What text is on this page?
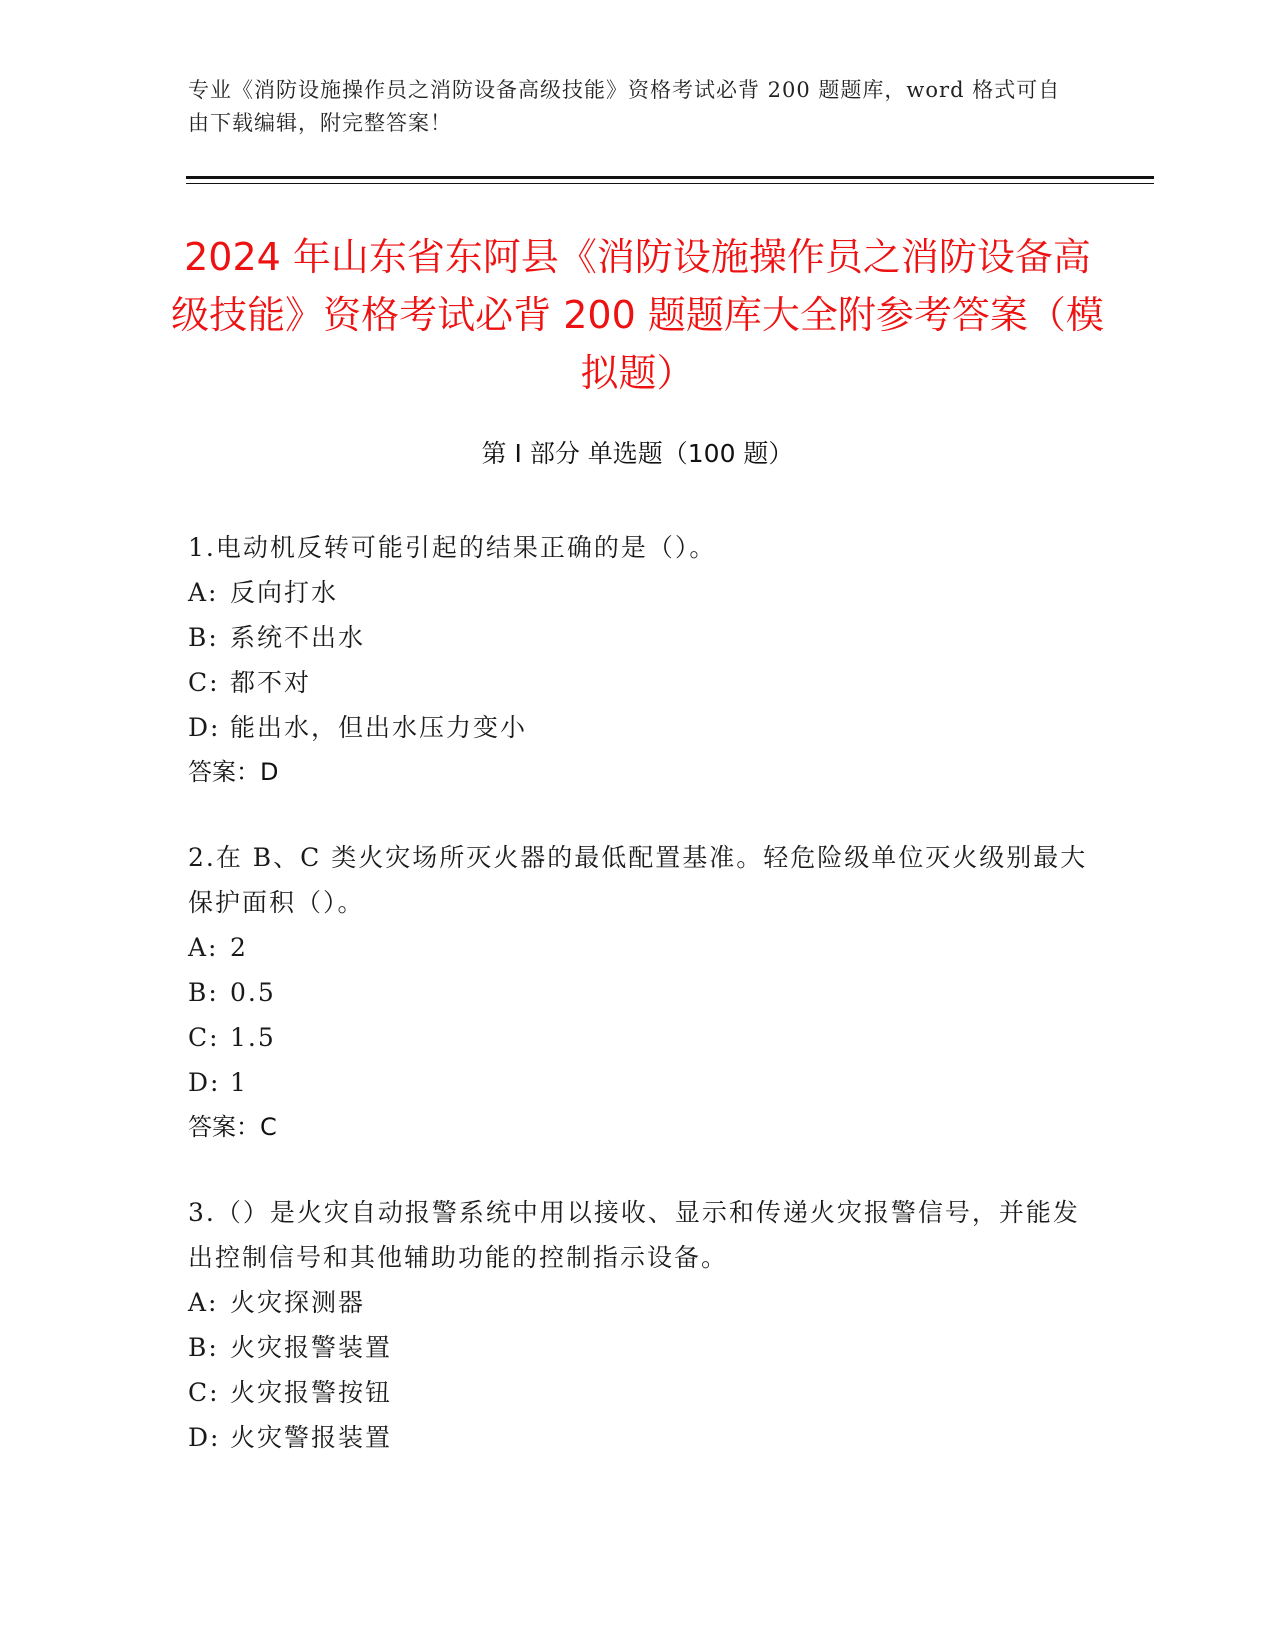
专业《消防设施操作员之消防设备高级技能》资格考试必背 200 题题库，word 格式可自由下载编辑，附完整答案！
2024 年山东省东阿县《消防设施操作员之消防设备高级技能》资格考试必背 200 题题库大全附参考答案（模拟题）
第 I 部分 单选题（100 题）

1.电动机反转可能引起的结果正确的是（）。

A: 反向打水

B: 系统不出水

C: 都不对

D: 能出水，但出水压力变小

答案：D

2.在 B、C 类火灾场所灭火器的最低配置基准。轻危险级单位灭火级别最大保护面积（）。

A: 2

B: 0.5

C: 1.5

D: 1

答案：C

3.（）是火灾自动报警系统中用以接收、显示和传递火灾报警信号，并能发出控制信号和其他辅助功能的控制指示设备。

A: 火灾探测器

B: 火灾报警装置

C: 火灾报警按钮

D: 火灾警报装置
